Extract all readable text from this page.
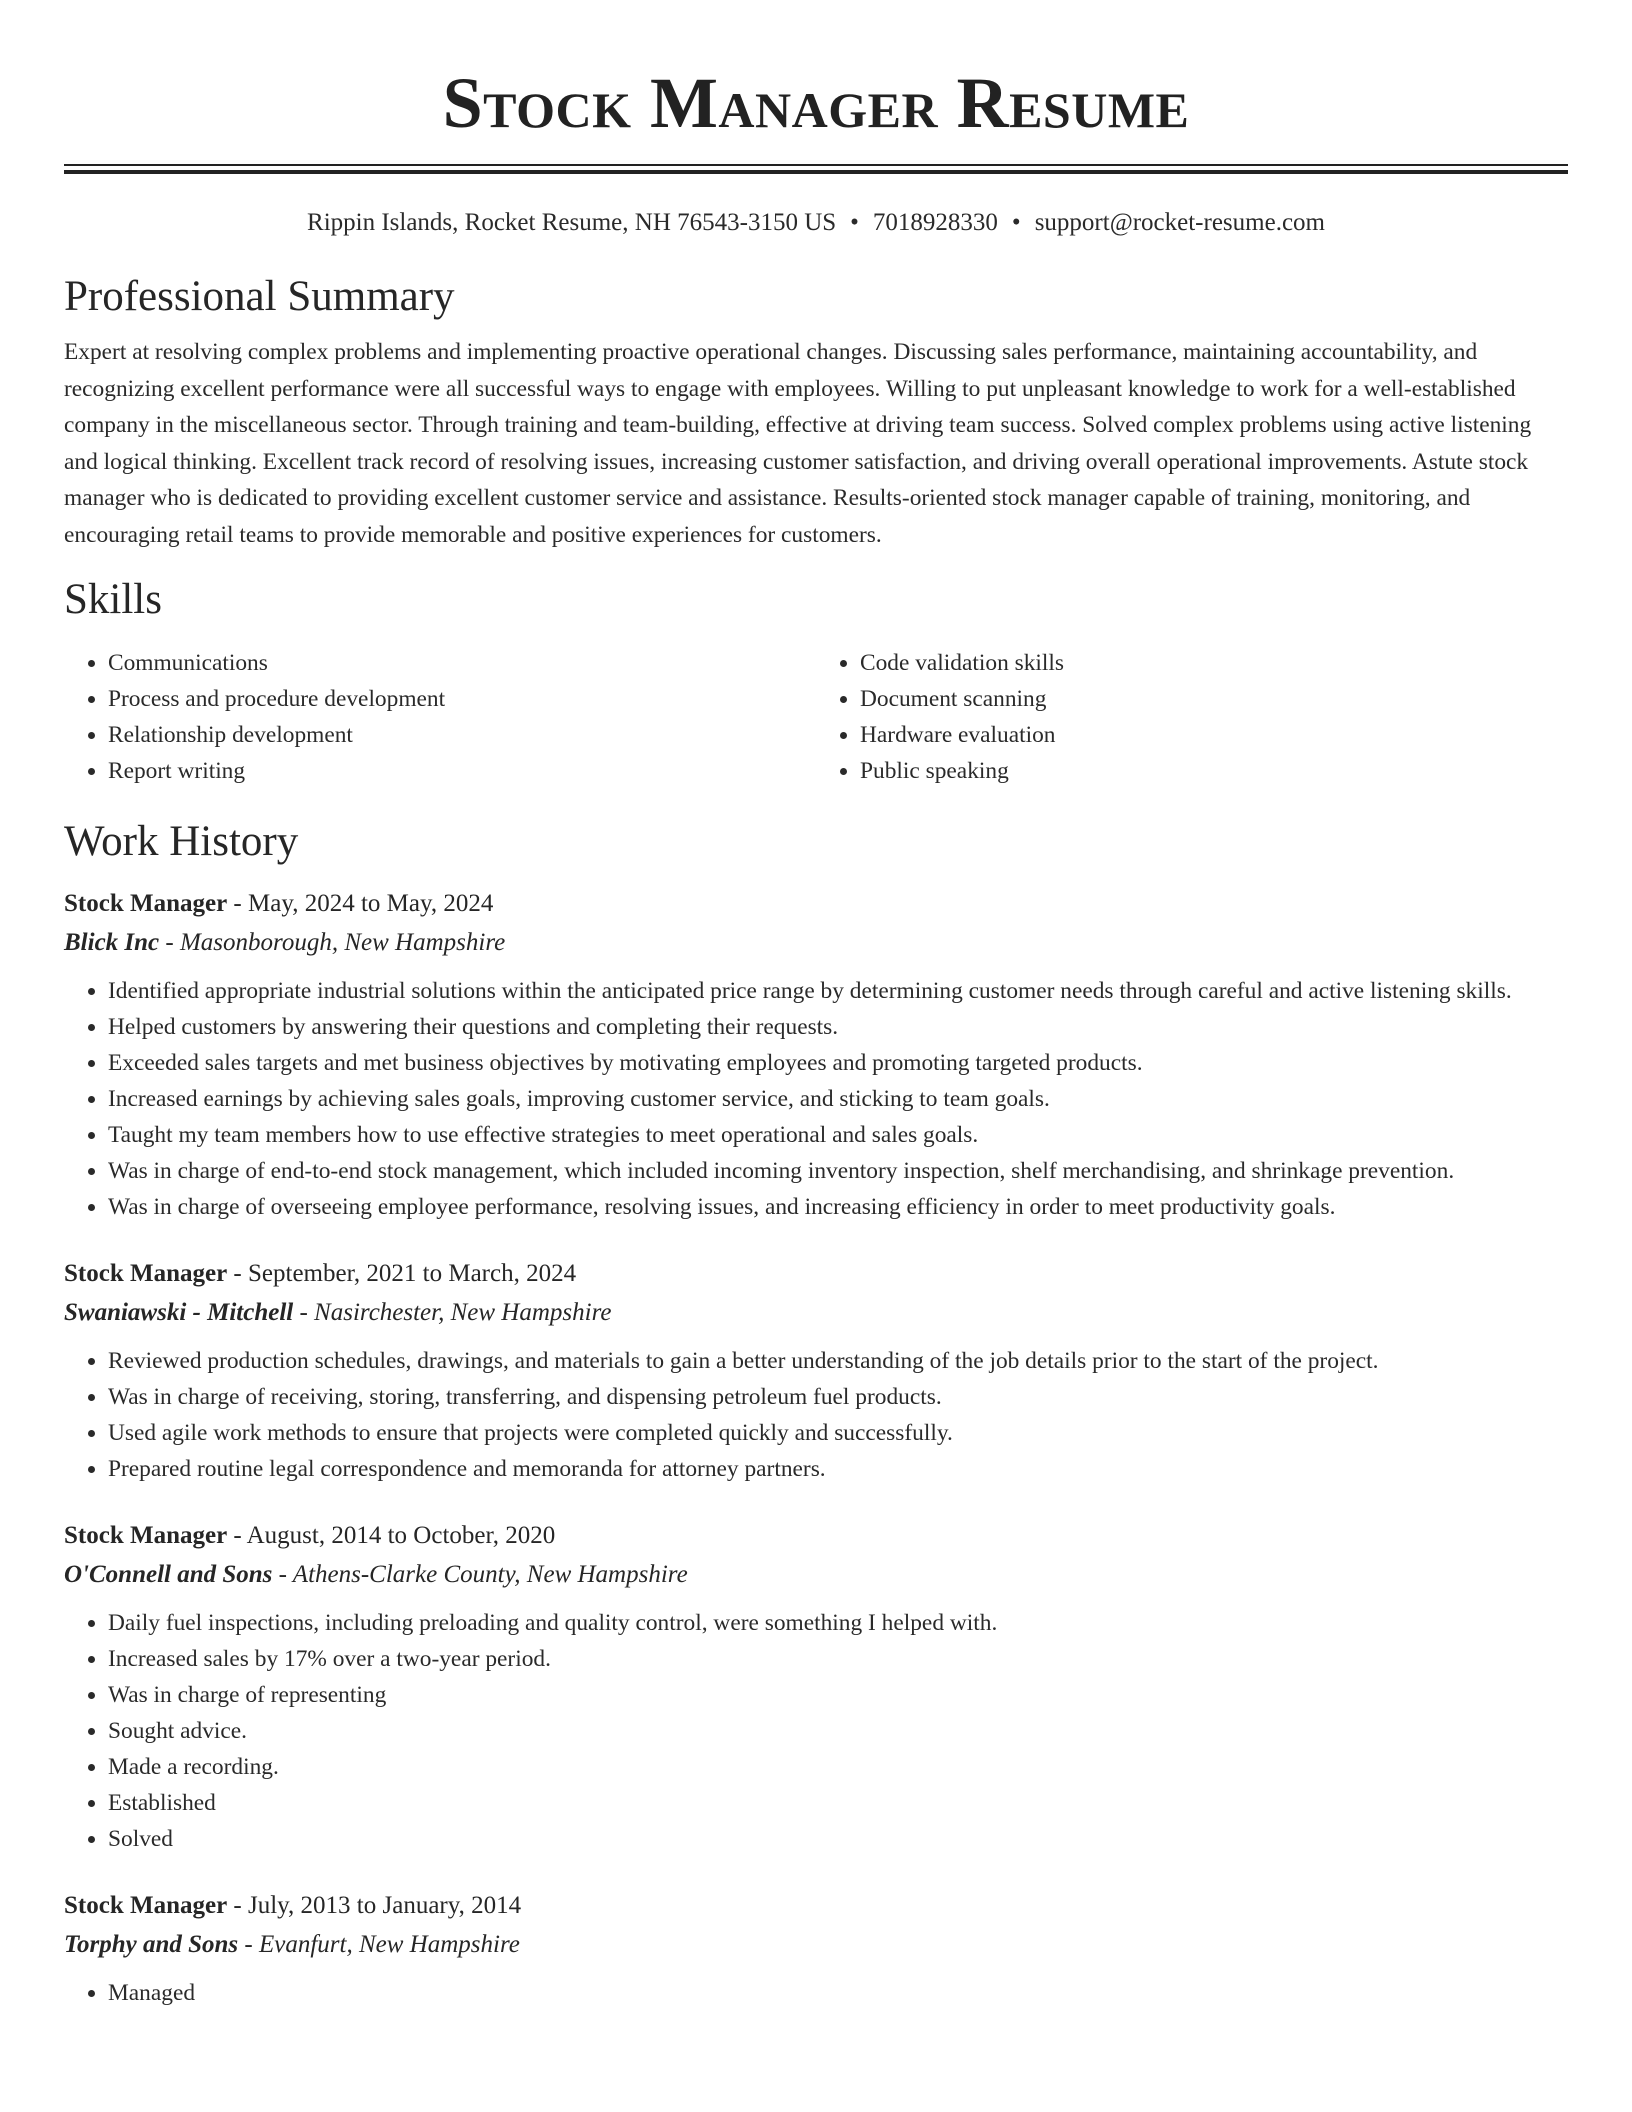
Stock Manager Resume
Rippin Islands, Rocket Resume, NH 76543-3150 US • 7018928330 • support@rocket-resume.com
Professional Summary

Expert at resolving complex problems and implementing proactive operational changes. Discussing sales performance, maintaining accountability, and recognizing excellent performance were all successful ways to engage with employees. Willing to put unpleasant knowledge to work for a well-established company in the miscellaneous sector. Through training and team-building, effective at driving team success. Solved complex problems using active listening and logical thinking. Excellent track record of resolving issues, increasing customer satisfaction, and driving overall operational improvements. Astute stock manager who is dedicated to providing excellent customer service and assistance. Results-oriented stock manager capable of training, monitoring, and encouraging retail teams to provide memorable and positive experiences for customers.

Skills
• Communications
• Process and procedure development
• Relationship development
• Report writing
• Code validation skills
• Document scanning
• Hardware evaluation
• Public speaking
Work History
Stock Manager - May, 2024 to May, 2024
Blick Inc - Masonborough, New Hampshire
• Identified appropriate industrial solutions within the anticipated price range by determining customer needs through careful and active listening skills.
• Helped customers by answering their questions and completing their requests.
• Exceeded sales targets and met business objectives by motivating employees and promoting targeted products.
• Increased earnings by achieving sales goals, improving customer service, and sticking to team goals.
• Taught my team members how to use effective strategies to meet operational and sales goals.
• Was in charge of end-to-end stock management, which included incoming inventory inspection, shelf merchandising, and shrinkage prevention.
• Was in charge of overseeing employee performance, resolving issues, and increasing efficiency in order to meet productivity goals.
Stock Manager - September, 2021 to March, 2024
Swaniawski - Mitchell - Nasirchester, New Hampshire
• Reviewed production schedules, drawings, and materials to gain a better understanding of the job details prior to the start of the project.
• Was in charge of receiving, storing, transferring, and dispensing petroleum fuel products.
• Used agile work methods to ensure that projects were completed quickly and successfully.
• Prepared routine legal correspondence and memoranda for attorney partners.
Stock Manager - August, 2014 to October, 2020
O'Connell and Sons - Athens-Clarke County, New Hampshire
• Daily fuel inspections, including preloading and quality control, were something I helped with.
• Increased sales by 17% over a two-year period.
• Was in charge of representing
• Sought advice.
• Made a recording.
• Established
• Solved
Stock Manager - July, 2013 to January, 2014
Torphy and Sons - Evanfurt, New Hampshire
• Managed
